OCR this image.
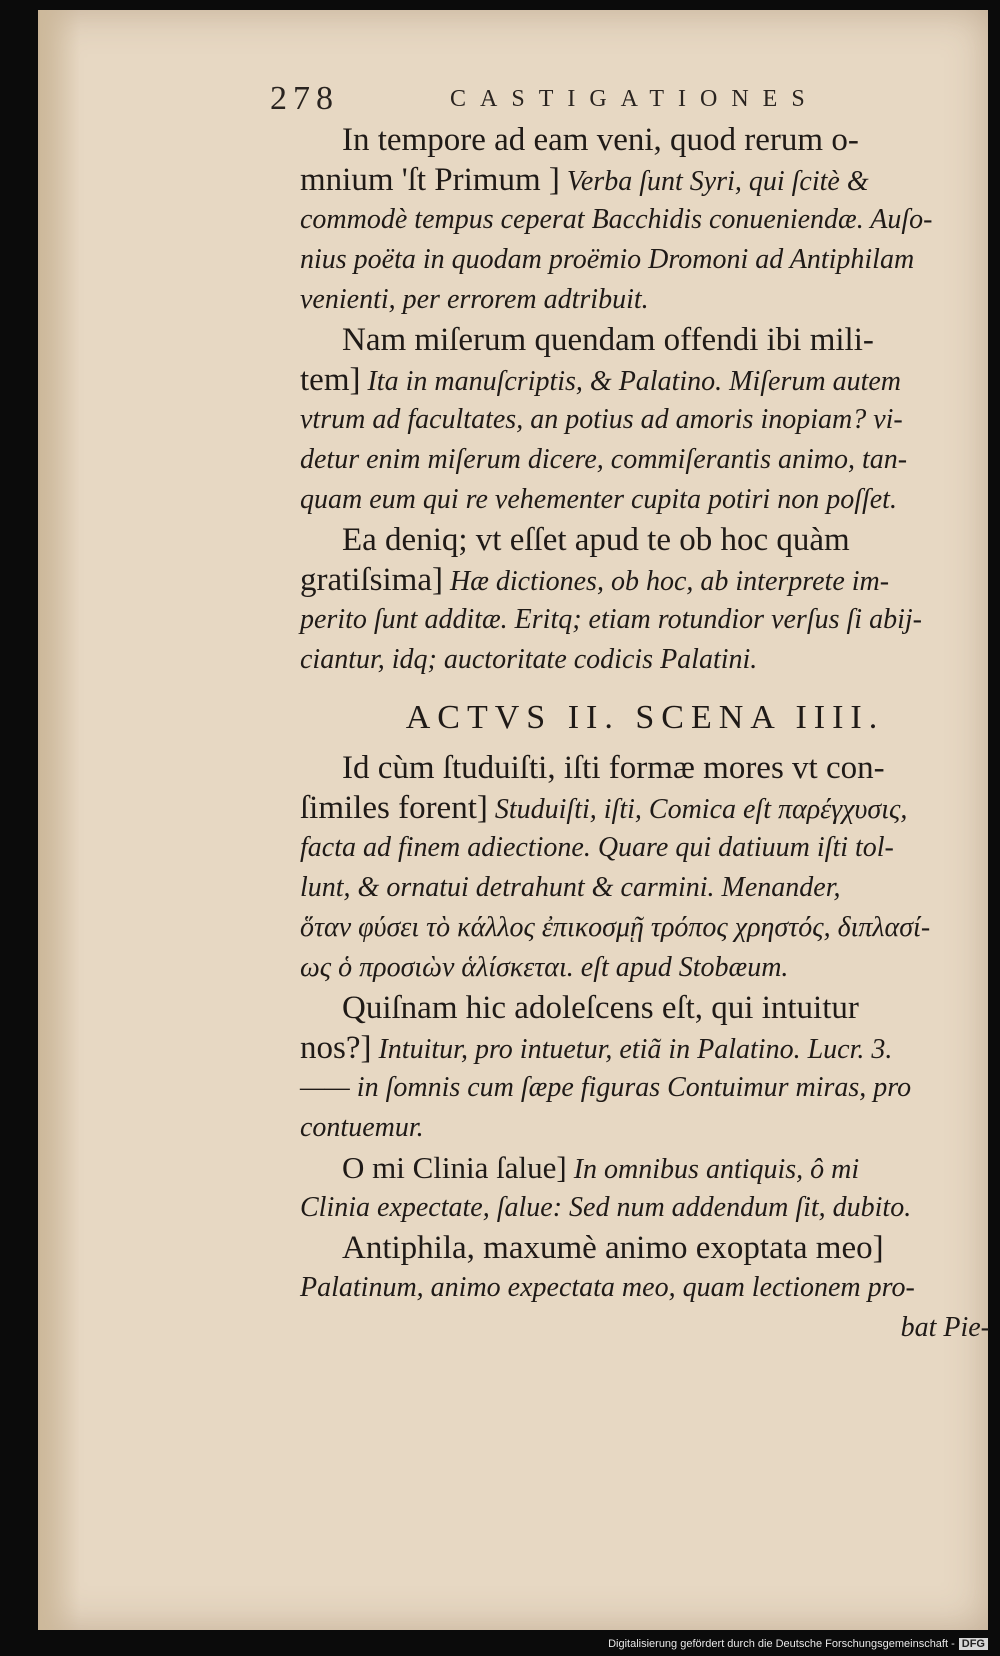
278	CASTIGATIONES
In tempore ad eam veni, quod rerum o-
mnium 'ſt Primum ] Verba ſunt Syri, qui ſcitè &
commodè tempus ceperat Bacchidis conueniendæ. Auſo-
nius poëta in quodam proëmio Dromoni ad Antiphilam
venienti, per errorem adtribuit.
Nam miſerum quendam offendi ibi mili-
tem] Ita in manuſcriptis, & Palatino. Miſerum autem
vtrum ad facultates, an potius ad amoris inopiam? vi-
detur enim miſerum dicere, commiſerantis animo, tan-
quam eum qui re vehementer cupita potiri non poſſet.
Ea deniq; vt eſſet apud te ob hoc quàm
gratiſsima] Hæ dictiones, ob hoc, ab interprete im-
perito ſunt additæ. Eritq; etiam rotundior verſus ſi abij-
ciantur, idq; auctoritate codicis Palatini.
ACTVS II. SCENA IIII.
Id cùm ſtuduiſti, iſti formæ mores vt con-
ſimiles forent] Studuiſti, iſti, Comica eſt παρέγχυσις,
facta ad finem adiectione. Quare qui datiuum iſti tol-
lunt, & ornatui detrahunt & carmini. Menander,
ὅταν φύσει τὸ κάλλος ἐπικοσμῇ τρόπος χρηστός, διπλασί-
ως ὁ προσιὼν ἁλίσκεται. eſt apud Stobæum.
Quiſnam hic adoleſcens eſt, qui intuitur
nos?] Intuitur, pro intuetur, etiã in Palatino. Lucr. 3.
—— in ſomnis cum ſæpe figuras Contuimur miras, pro
contuemur.
O mi Clinia ſalue] In omnibus antiquis, ô mi
Clinia expectate, ſalue: Sed num addendum ſit, dubito.
Antiphila, maxumè animo exoptata meo]
Palatinum, animo expectata meo, quam lectionem pro-
bat Pie-
Digitalisierung gefördert durch die Deutsche Forschungsgemeinschaft - DFG
